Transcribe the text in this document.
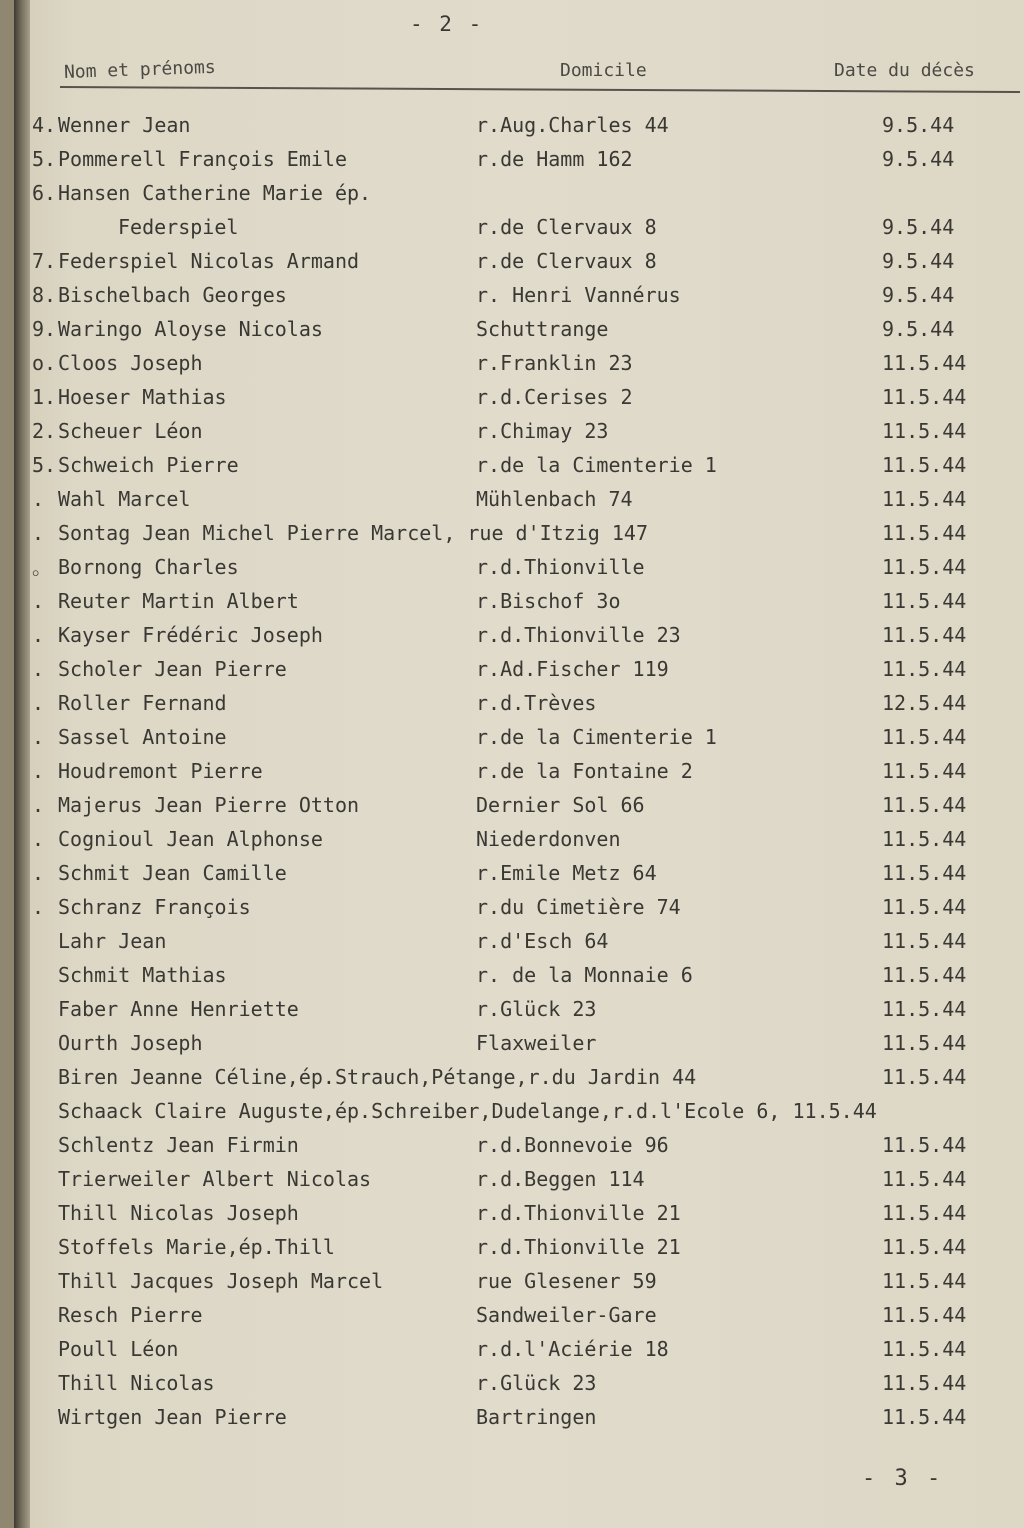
- 2 -
Nom et prénoms	Domicile	Date du décès
4. Wenner Jean	r.Aug.Charles 44	9.5.44
5. Pommerell François Emile	r.de Hamm 162	9.5.44
6. Hansen Catherine Marie ép.
Federspiel	r.de Clervaux 8	9.5.44
7. Federspiel Nicolas Armand	r.de Clervaux 8	9.5.44
8. Bischelbach Georges	r. Henri Vannérus	9.5.44
9. Waringo Aloyse Nicolas	Schuttrange	9.5.44
o. Cloos Joseph	r.Franklin 23	11.5.44
1. Hoeser Mathias	r.d.Cerises 2	11.5.44
2. Scheuer Léon	r.Chimay 23	11.5.44
5. Schweich Pierre	r.de la Cimenterie 1	11.5.44
. Wahl Marcel	Mühlenbach 74	11.5.44
. Sontag Jean Michel Pierre Marcel, rue d'Itzig 147	11.5.44
。 Bornong Charles	r.d.Thionville	11.5.44
. Reuter Martin Albert	r.Bischof 3o	11.5.44
. Kayser Frédéric Joseph	r.d.Thionville 23	11.5.44
. Scholer Jean Pierre	r.Ad.Fischer 119	11.5.44
. Roller Fernand	r.d.Trèves	12.5.44
. Sassel Antoine	r.de la Cimenterie 1	11.5.44
. Houdremont Pierre	r.de la Fontaine 2	11.5.44
. Majerus Jean Pierre Otton	Dernier Sol 66	11.5.44
. Cognioul Jean Alphonse	Niederdonven	11.5.44
. Schmit Jean Camille	r.Emile Metz 64	11.5.44
. Schranz François	r.du Cimetière 74	11.5.44
Lahr Jean	r.d'Esch 64	11.5.44
Schmit Mathias	r. de la Monnaie 6	11.5.44
Faber Anne Henriette	r.Glück 23	11.5.44
Ourth Joseph	Flaxweiler	11.5.44
Biren Jeanne Céline,ép.Strauch,Pétange,r.du Jardin 44	11.5.44
Schaack Claire Auguste,ép.Schreiber,Dudelange,r.d.l'Ecole 6, 11.5.44
Schlentz Jean Firmin	r.d.Bonnevoie 96	11.5.44
Trierweiler Albert Nicolas	r.d.Beggen 114	11.5.44
Thill Nicolas Joseph	r.d.Thionville 21	11.5.44
Stoffels Marie,ép.Thill	r.d.Thionville 21	11.5.44
Thill Jacques Joseph Marcel	rue Glesener 59	11.5.44
Resch Pierre	Sandweiler-Gare	11.5.44
Poull Léon	r.d.l'Aciérie 18	11.5.44
Thill Nicolas	r.Glück 23	11.5.44
Wirtgen Jean Pierre	Bartringen	11.5.44
- 3 -
